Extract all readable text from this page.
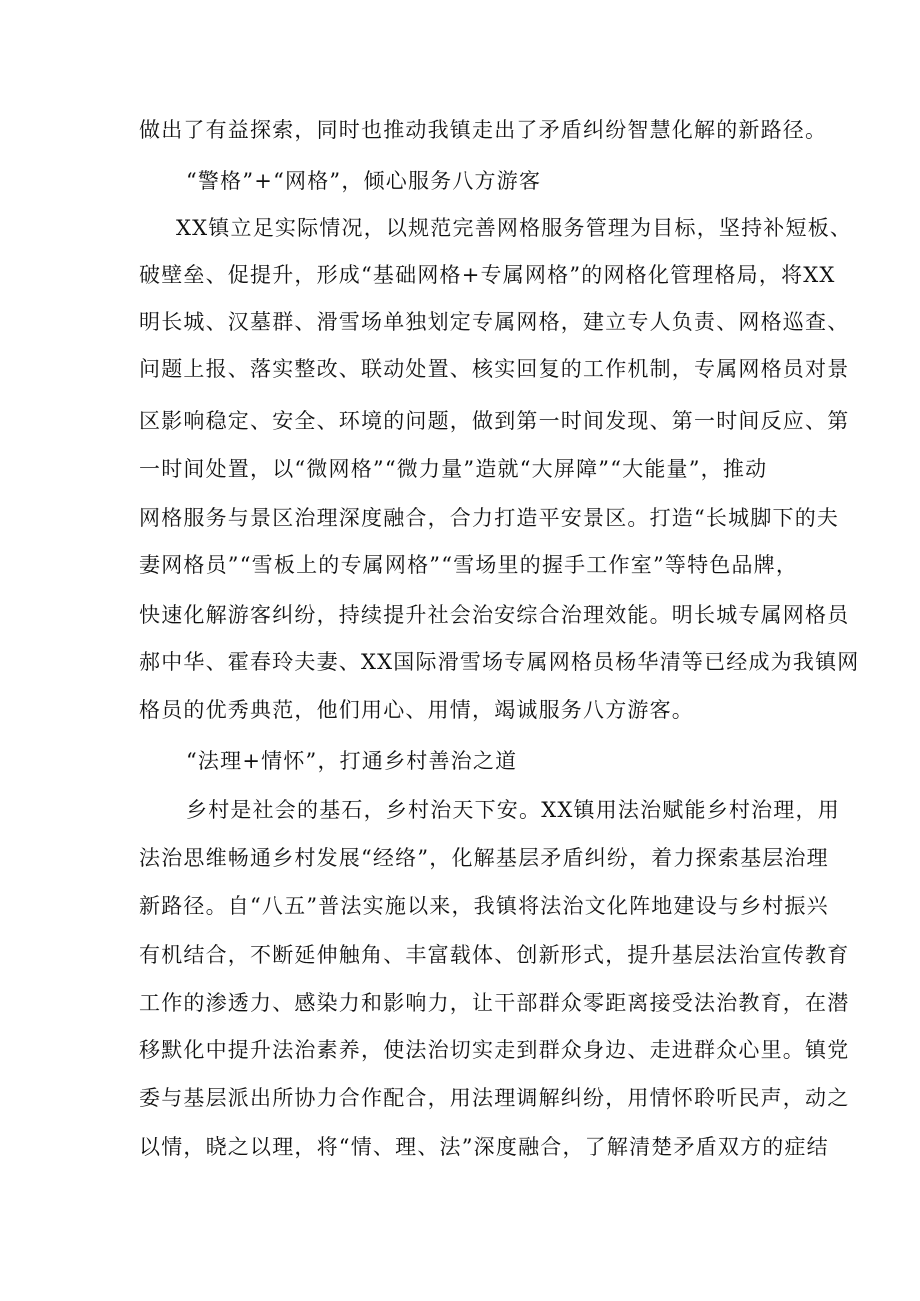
做出了有益探索，同时也推动我镇走出了矛盾纠纷智慧化解的新路径。
“警格”+“网格”，倾心服务八方游客
XX镇立足实际情况，以规范完善网格服务管理为目标，坚持补短板、
破壁垒、促提升，形成“基础网格+专属网格”的网格化管理格局，将XX
明长城、汉墓群、滑雪场单独划定专属网格，建立专人负责、网格巡查、
问题上报、落实整改、联动处置、核实回复的工作机制，专属网格员对景
区影响稳定、安全、环境的问题，做到第一时间发现、第一时间反应、第
一时间处置，以“微网格”“微力量”造就“大屏障”“大能量”，推动
网格服务与景区治理深度融合，合力打造平安景区。打造“长城脚下的夫
妻网格员”“雪板上的专属网格”“雪场里的握手工作室”等特色品牌，
快速化解游客纠纷，持续提升社会治安综合治理效能。明长城专属网格员
郝中华、霍春玲夫妻、XX国际滑雪场专属网格员杨华清等已经成为我镇网
格员的优秀典范，他们用心、用情，竭诚服务八方游客。
“法理+情怀”，打通乡村善治之道
乡村是社会的基石，乡村治天下安。XX镇用法治赋能乡村治理，用
法治思维畅通乡村发展“经络”，化解基层矛盾纠纷，着力探索基层治理
新路径。自“八五”普法实施以来，我镇将法治文化阵地建设与乡村振兴
有机结合，不断延伸触角、丰富载体、创新形式，提升基层法治宣传教育
工作的渗透力、感染力和影响力，让干部群众零距离接受法治教育，在潜
移默化中提升法治素养，使法治切实走到群众身边、走进群众心里。镇党
委与基层派出所协力合作配合，用法理调解纠纷，用情怀聆听民声，动之
以情，晓之以理，将“情、理、法”深度融合，了解清楚矛盾双方的症结
